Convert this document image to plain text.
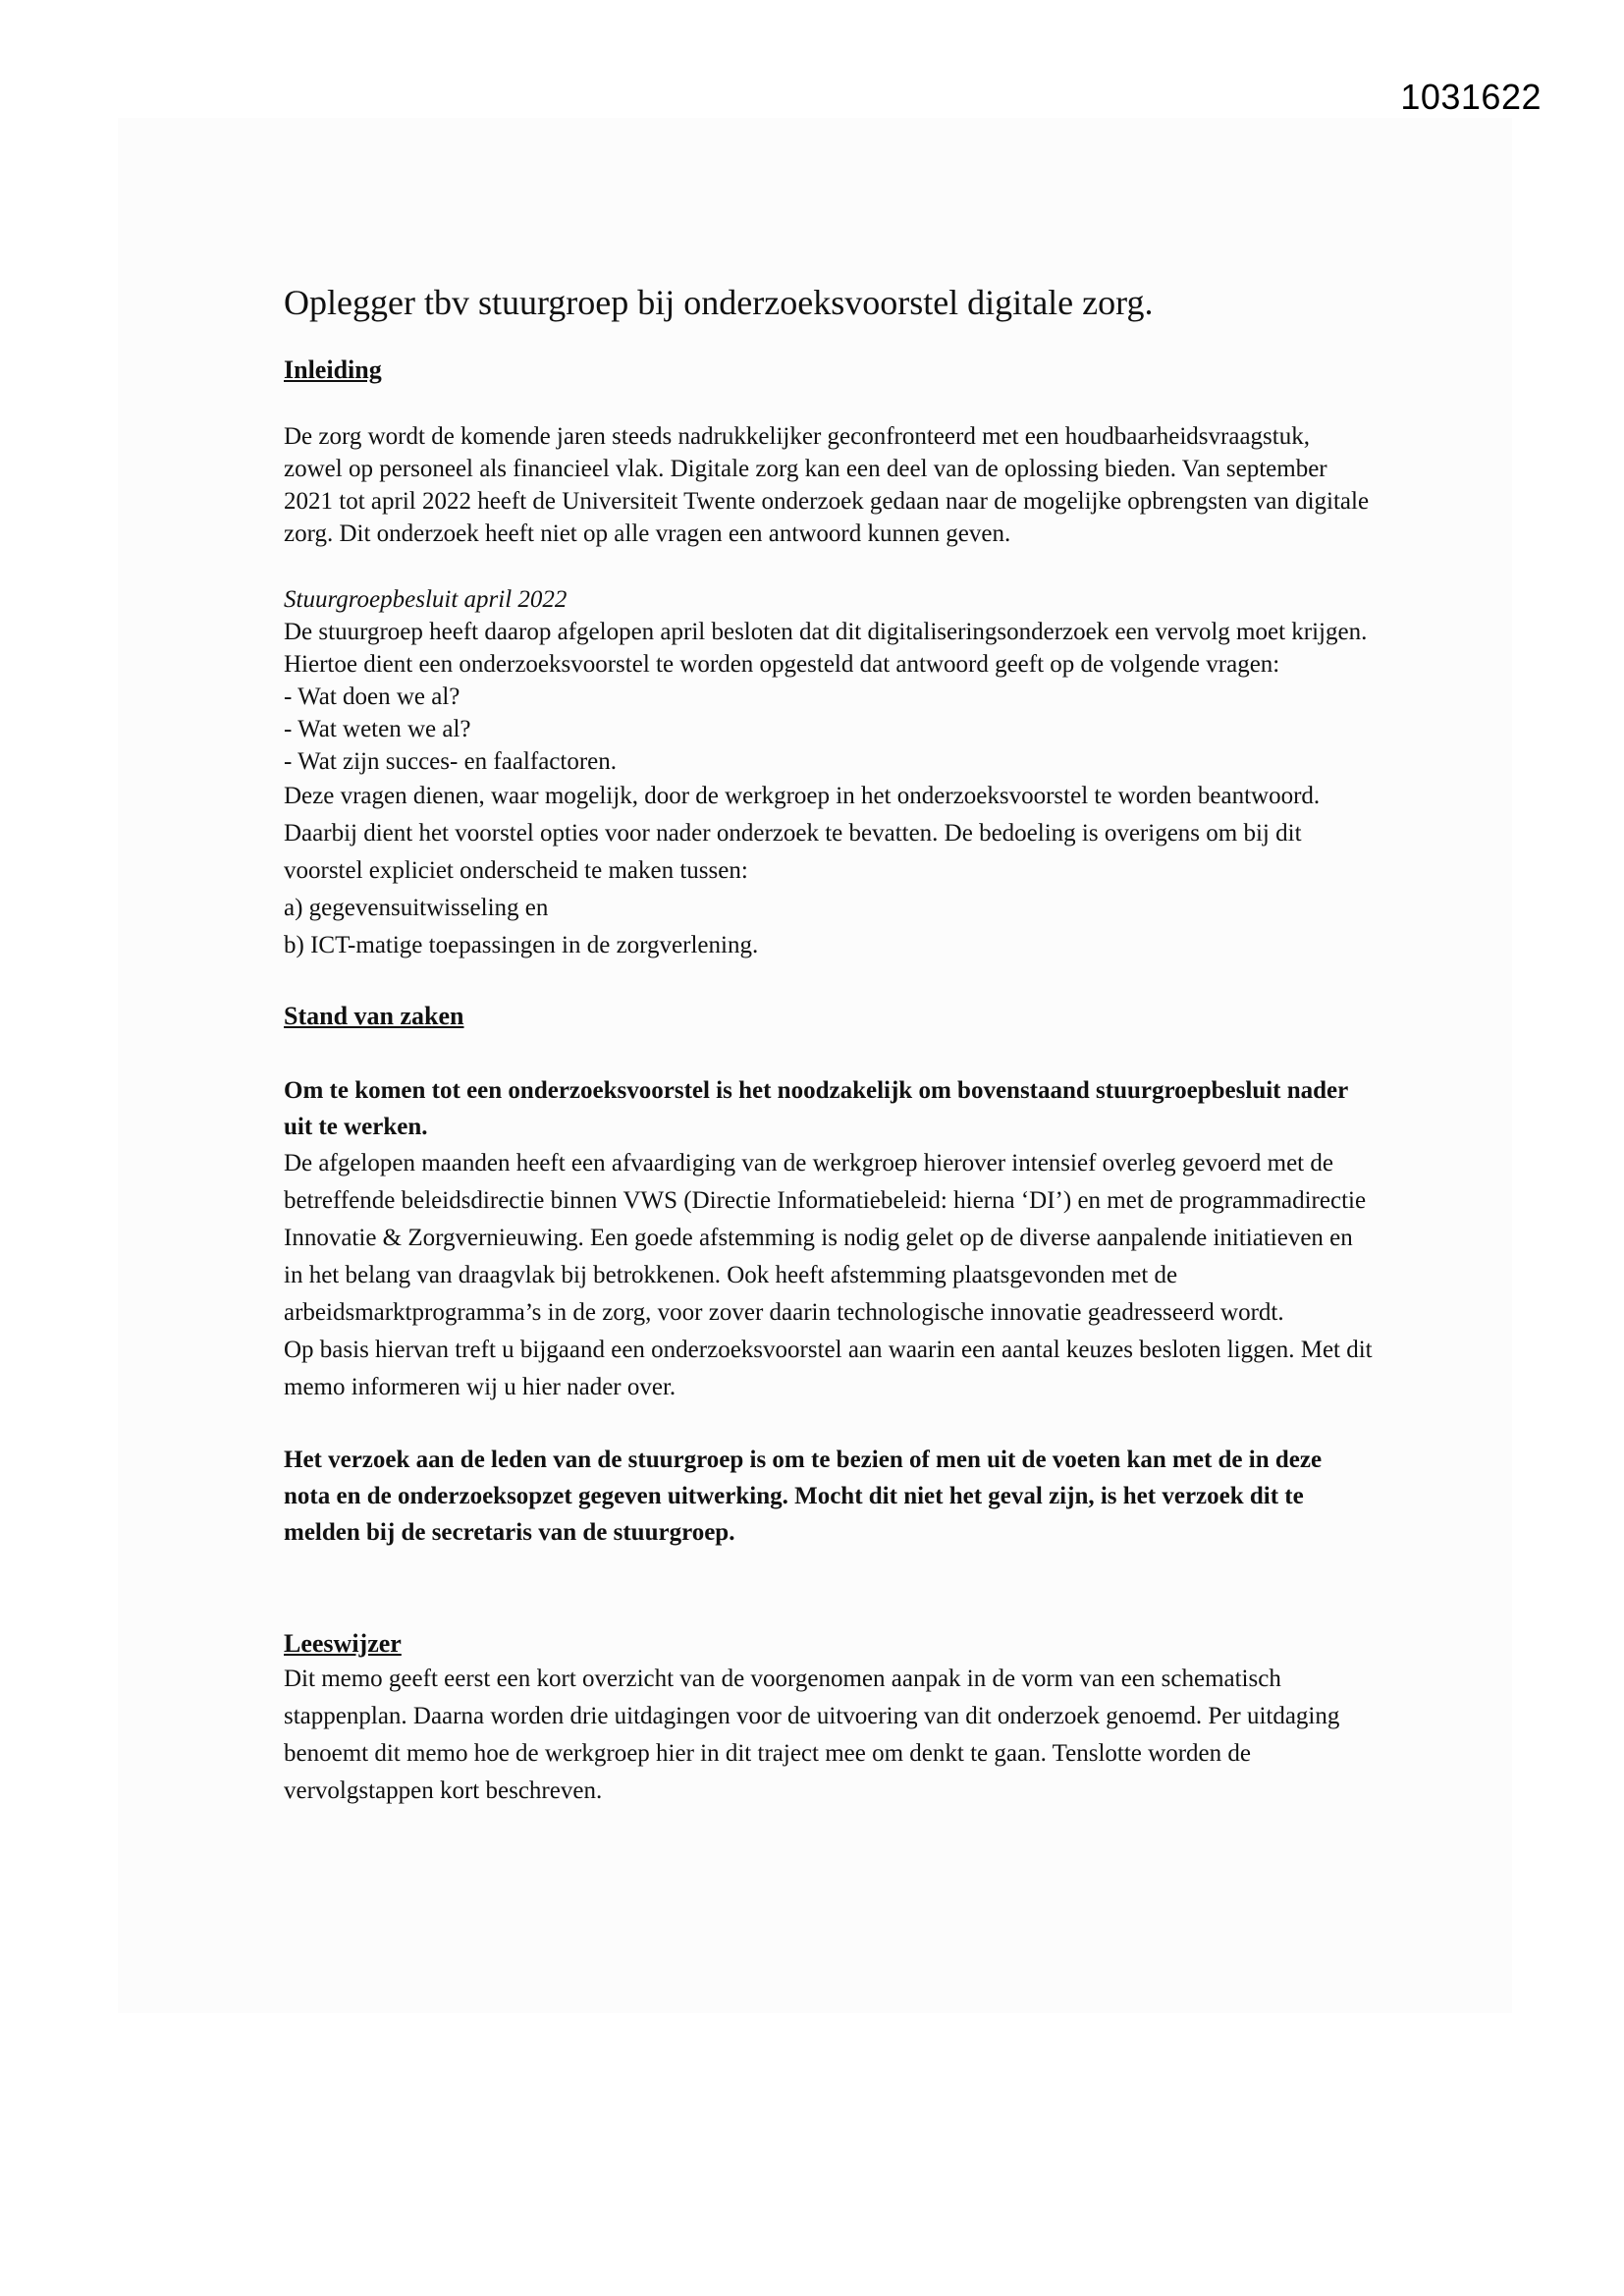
1031622
Oplegger tbv stuurgroep bij onderzoeksvoorstel digitale zorg.
Inleiding

De zorg wordt de komende jaren steeds nadrukkelijker geconfronteerd met een houdbaarheidsvraagstuk, zowel op personeel als financieel vlak. Digitale zorg kan een deel van de oplossing bieden. Van september 2021 tot april 2022 heeft de Universiteit Twente onderzoek gedaan naar de mogelijke opbrengsten van digitale zorg. Dit onderzoek heeft niet op alle vragen een antwoord kunnen geven.

Stuurgroepbesluit april 2022

De stuurgroep heeft daarop afgelopen april besloten dat dit digitaliseringsonderzoek een vervolg moet krijgen. Hiertoe dient een onderzoeksvoorstel te worden opgesteld dat antwoord geeft op de volgende vragen:

- Wat doen we al?

- Wat weten we al?

- Wat zijn succes- en faalfactoren.

Deze vragen dienen, waar mogelijk, door de werkgroep in het onderzoeksvoorstel te worden beantwoord. Daarbij dient het voorstel opties voor nader onderzoek te bevatten. De bedoeling is overigens om bij dit voorstel expliciet onderscheid te maken tussen:

a) gegevensuitwisseling en

b) ICT-matige toepassingen in de zorgverlening.

Stand van zaken

Om te komen tot een onderzoeksvoorstel is het noodzakelijk om bovenstaand stuurgroepbesluit nader uit te werken.

De afgelopen maanden heeft een afvaardiging van de werkgroep hierover intensief overleg gevoerd met de betreffende beleidsdirectie binnen VWS (Directie Informatiebeleid: hierna ‘DI’) en met de programmadirectie Innovatie & Zorgvernieuwing. Een goede afstemming is nodig gelet op de diverse aanpalende initiatieven en in het belang van draagvlak bij betrokkenen. Ook heeft afstemming plaatsgevonden met de arbeidsmarktprogramma’s in de zorg, voor zover daarin technologische innovatie geadresseerd wordt.

Op basis hiervan treft u bijgaand een onderzoeksvoorstel aan waarin een aantal keuzes besloten liggen. Met dit memo informeren wij u hier nader over.

Het verzoek aan de leden van de stuurgroep is om te bezien of men uit de voeten kan met de in deze nota en de onderzoeksopzet gegeven uitwerking. Mocht dit niet het geval zijn, is het verzoek dit te melden bij de secretaris van de stuurgroep.

Leeswijzer

Dit memo geeft eerst een kort overzicht van de voorgenomen aanpak in de vorm van een schematisch stappenplan. Daarna worden drie uitdagingen voor de uitvoering van dit onderzoek genoemd. Per uitdaging benoemt dit memo hoe de werkgroep hier in dit traject mee om denkt te gaan. Tenslotte worden de vervolgstappen kort beschreven.
